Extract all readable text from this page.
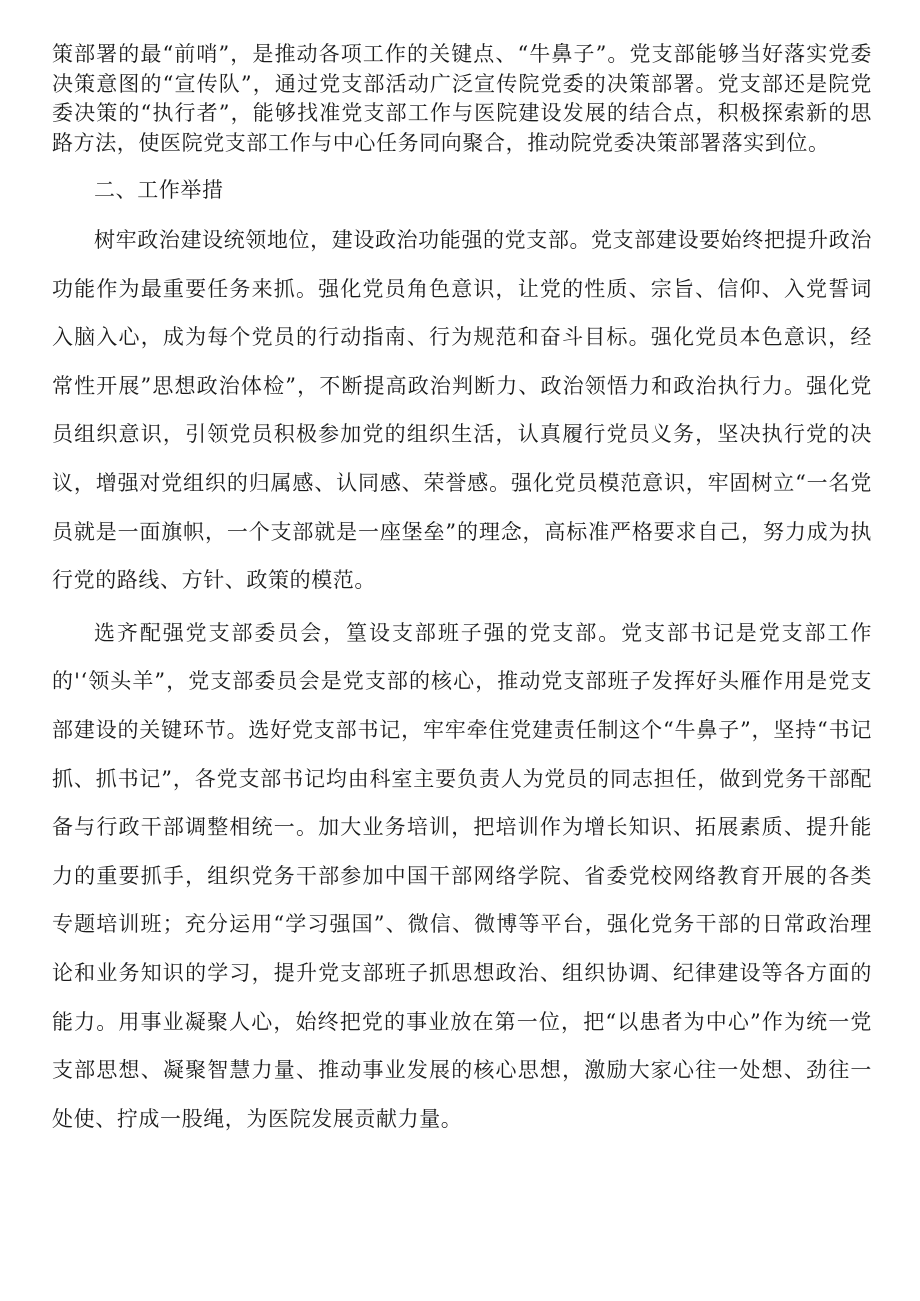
策部署的最“前哨”，是推动各项工作的关键点、“牛鼻子”。党支部能够当好落实党委决策意图的“宣传队”，通过党支部活动广泛宣传院党委的决策部署。党支部还是院党委决策的“执行者”，能够找准党支部工作与医院建设发展的结合点，积极探索新的思路方法，使医院党支部工作与中心任务同向聚合，推动院党委决策部署落实到位。

二、工作举措

树牢政治建设统领地位，建设政治功能强的党支部。党支部建设要始终把提升政治功能作为最重要任务来抓。强化党员角色意识，让党的性质、宗旨、信仰、入党誓词入脑入心，成为每个党员的行动指南、行为规范和奋斗目标。强化党员本色意识，经常性开展”思想政治体检”，不断提高政治判断力、政治领悟力和政治执行力。强化党员组织意识，引领党员积极参加党的组织生活，认真履行党员义务，坚决执行党的决议，增强对党组织的归属感、认同感、荣誉感。强化党员模范意识，牢固树立“一名党员就是一面旗帜，一个支部就是一座堡垒”的理念，高标准严格要求自己，努力成为执行党的路线、方针、政策的模范。

选齐配强党支部委员会，篁设支部班子强的党支部。党支部书记是党支部工作的'‘领头羊”，党支部委员会是党支部的核心，推动党支部班子发挥好头雁作用是党支部建设的关键环节。选好党支部书记，牢牢牵住党建责任制这个“牛鼻子”，坚持“书记抓、抓书记”，各党支部书记均由科室主要负责人为党员的同志担任，做到党务干部配备与行政干部调整相统一。加大业务培训，把培训作为增长知识、拓展素质、提升能力的重要抓手，组织党务干部参加中国干部网络学院、省委党校网络教育开展的各类专题培训班；充分运用“学习强国”、微信、微博等平台，强化党务干部的日常政治理论和业务知识的学习，提升党支部班子抓思想政治、组织协调、纪律建设等各方面的能力。用事业凝聚人心，始终把党的事业放在第一位，把“以患者为中心”作为统一党支部思想、凝聚智慧力量、推动事业发展的核心思想，激励大家心往一处想、劲往一处使、拧成一股绳，为医院发展贡献力量。
